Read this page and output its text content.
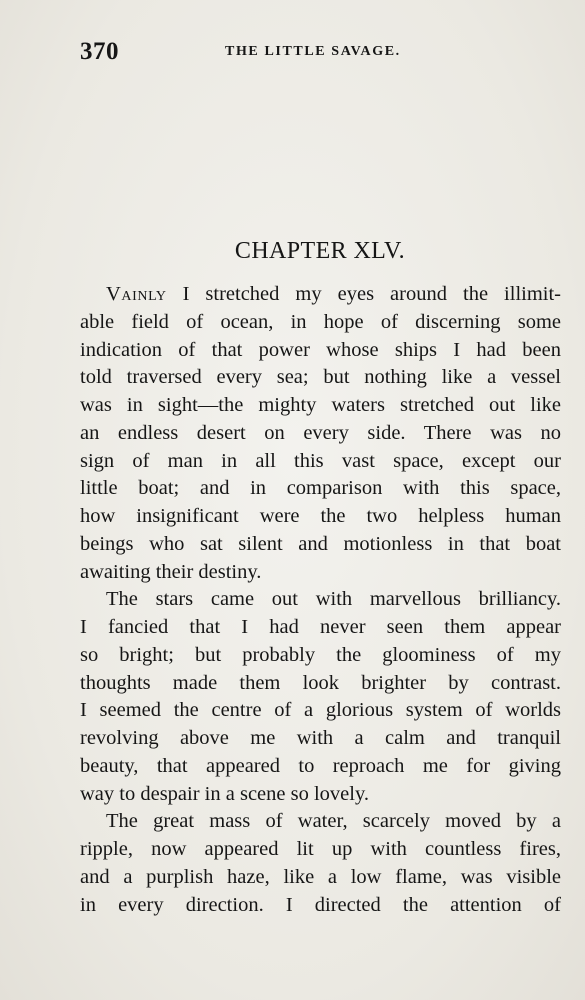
370	THE LITTLE SAVAGE.
CHAPTER XLV.
Vainly I stretched my eyes around the illimit-
able field of ocean, in hope of discerning some
indication of that power whose ships I had been
told traversed every sea; but nothing like a vessel
was in sight—the mighty waters stretched out like
an endless desert on every side. There was no
sign of man in all this vast space, except our
little boat; and in comparison with this space,
how insignificant were the two helpless human
beings who sat silent and motionless in that boat
awaiting their destiny.
The stars came out with marvellous brilliancy.
I fancied that I had never seen them appear
so bright; but probably the gloominess of my
thoughts made them look brighter by contrast.
I seemed the centre of a glorious system of worlds
revolving above me with a calm and tranquil
beauty, that appeared to reproach me for giving
way to despair in a scene so lovely.
The great mass of water, scarcely moved by a
ripple, now appeared lit up with countless fires,
and a purplish haze, like a low flame, was visible
in every direction. I directed the attention of
